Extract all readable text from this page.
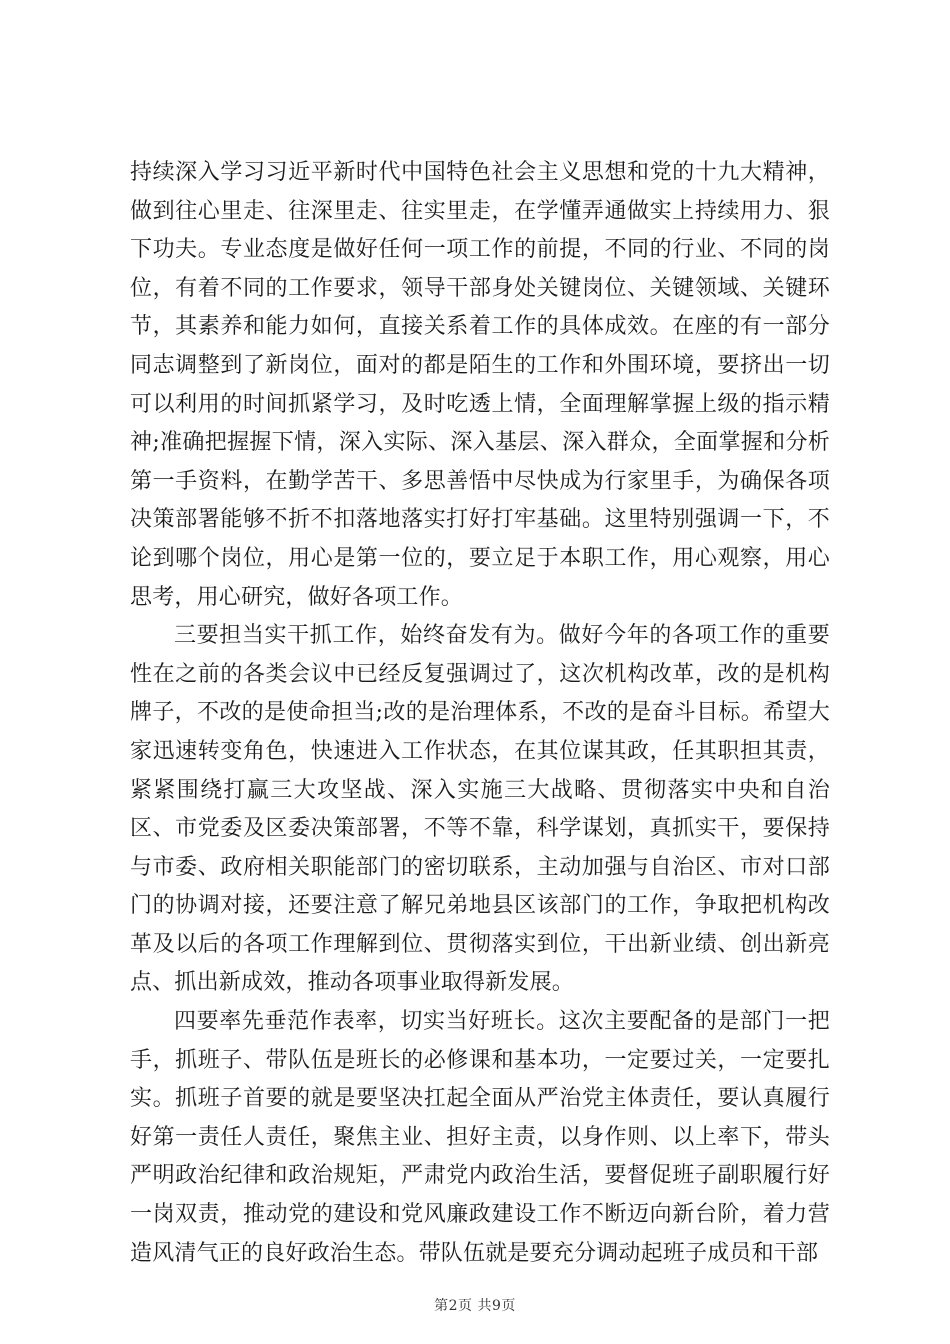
持续深入学习习近平新时代中国特色社会主义思想和党的十九大精神，做到往心里走、往深里走、往实里走，在学懂弄通做实上持续用力、狠下功夫。专业态度是做好任何一项工作的前提，不同的行业、不同的岗位，有着不同的工作要求，领导干部身处关键岗位、关键领域、关键环节，其素养和能力如何，直接关系着工作的具体成效。在座的有一部分同志调整到了新岗位，面对的都是陌生的工作和外围环境，要挤出一切可以利用的时间抓紧学习，及时吃透上情，全面理解掌握上级的指示精神;准确把握握下情，深入实际、深入基层、深入群众，全面掌握和分析第一手资料，在勤学苦干、多思善悟中尽快成为行家里手，为确保各项决策部署能够不折不扣落地落实打好打牢基础。这里特别强调一下，不论到哪个岗位，用心是第一位的，要立足于本职工作，用心观察，用心思考，用心研究，做好各项工作。

三要担当实干抓工作，始终奋发有为。做好今年的各项工作的重要性在之前的各类会议中已经反复强调过了，这次机构改革，改的是机构牌子，不改的是使命担当;改的是治理体系，不改的是奋斗目标。希望大家迅速转变角色，快速进入工作状态，在其位谋其政，任其职担其责，紧紧围绕打赢三大攻坚战、深入实施三大战略、贯彻落实中央和自治区、市党委及区委决策部署，不等不靠，科学谋划，真抓实干，要保持与市委、政府相关职能部门的密切联系，主动加强与自治区、市对口部门的协调对接，还要注意了解兄弟地县区该部门的工作，争取把机构改革及以后的各项工作理解到位、贯彻落实到位，干出新业绩、创出新亮点、抓出新成效，推动各项事业取得新发展。

四要率先垂范作表率，切实当好班长。这次主要配备的是部门一把手，抓班子、带队伍是班长的必修课和基本功，一定要过关，一定要扎实。抓班子首要的就是要坚决扛起全面从严治党主体责任，要认真履行好第一责任人责任，聚焦主业、担好主责，以身作则、以上率下，带头严明政治纪律和政治规矩，严肃党内政治生活，要督促班子副职履行好一岗双责，推动党的建设和党风廉政建设工作不断迈向新台阶，着力营造风清气正的良好政治生态。带队伍就是要充分调动起班子成员和干部

第2页 共9页
